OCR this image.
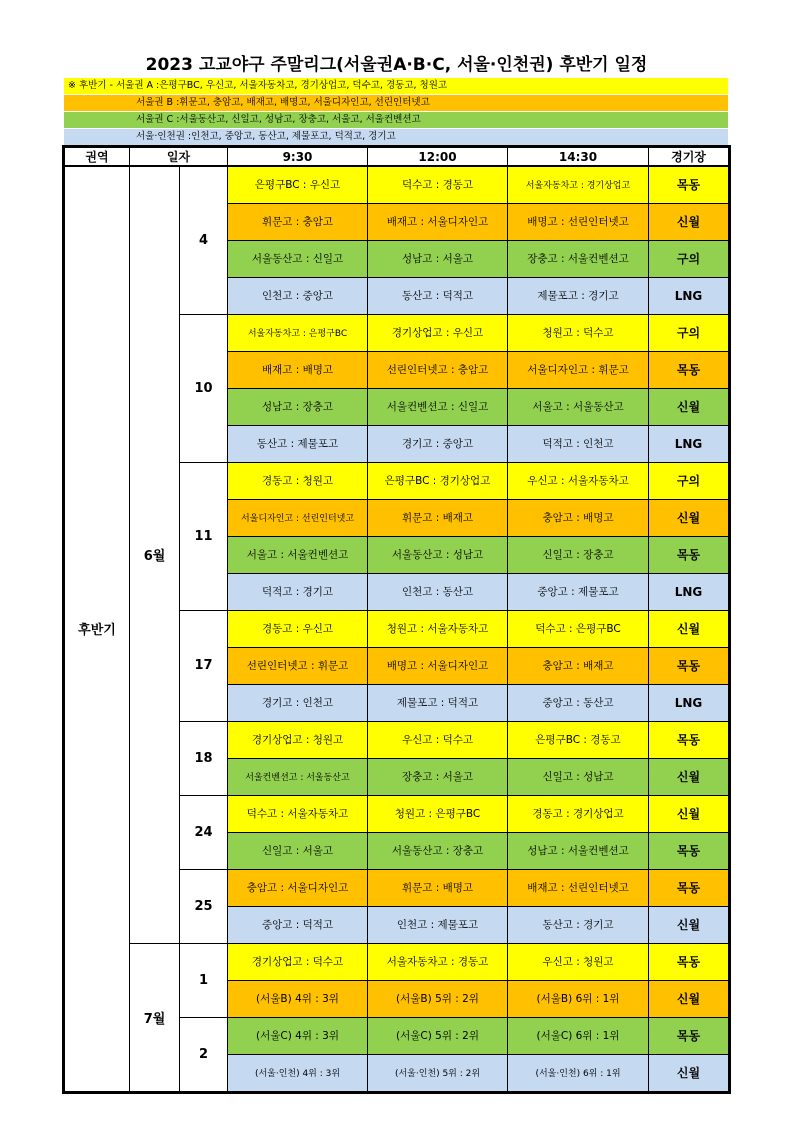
2023 고교야구 주말리그(서울권A·B·C, 서울·인천권) 후반기 일정
※ 후반기 - 서울권 A :은평구BC, 우신고, 서울자동차고, 경기상업고, 덕수고, 경동고, 청원고
서울권 B :휘문고, 충암고, 배재고, 배명고, 서울디자인고, 선린인터넷고
서울권 C :서울동산고, 신일고, 성남고, 장충고, 서울고, 서울컨벤션고
서울·인천권 :인천고, 중앙고, 동산고, 제물포고, 덕적고, 경기고
권역	일자		9:30	12:00	14:30	경기장
후반기	6월	4	은평구BC : 우신고	덕수고 : 경동고	서울자동차고 : 경기상업고	목동
			휘문고 : 충암고	배재고 : 서울디자인고	배명고 : 선린인터넷고	신월
			서울동산고 : 신일고	성남고 : 서울고	장충고 : 서울컨벤션고	구의
			인천고 : 중앙고	동산고 : 덕적고	제물포고 : 경기고	LNG
		10	서울자동차고 : 은평구BC	경기상업고 : 우신고	청원고 : 덕수고	구의
			배재고 : 배명고	선린인터넷고 : 충암고	서울디자인고 : 휘문고	목동
			성남고 : 장충고	서울컨벤션고 : 신일고	서울고 : 서울동산고	신월
			동산고 : 제물포고	경기고 : 중앙고	덕적고 : 인천고	LNG
		11	경동고 : 청원고	은평구BC : 경기상업고	우신고 : 서울자동차고	구의
			서울디자인고 : 선린인터넷고	휘문고 : 배재고	충암고 : 배명고	신월
			서울고 : 서울컨벤션고	서울동산고 : 성남고	신일고 : 장충고	목동
			덕적고 : 경기고	인천고 : 동산고	중앙고 : 제물포고	LNG
		17	경동고 : 우신고	청원고 : 서울자동차고	덕수고 : 은평구BC	신월
			선린인터넷고 : 휘문고	배명고 : 서울디자인고	충암고 : 배재고	목동
			경기고 : 인천고	제물포고 : 덕적고	중앙고 : 동산고	LNG
		18	경기상업고 : 청원고	우신고 : 덕수고	은평구BC : 경동고	목동
			서울컨벤션고 : 서울동산고	장충고 : 서울고	신일고 : 성남고	신월
		24	덕수고 : 서울자동차고	청원고 : 은평구BC	경동고 : 경기상업고	신월
			신일고 : 서울고	서울동산고 : 장충고	성남고 : 서울컨벤션고	목동
		25	충암고 : 서울디자인고	휘문고 : 배명고	배재고 : 선린인터넷고	목동
			중앙고 : 덕적고	인천고 : 제물포고	동산고 : 경기고	신월
	7월	1	경기상업고 : 덕수고	서울자동차고 : 경동고	우신고 : 청원고	목동
			(서울B) 4위 : 3위	(서울B) 5위 : 2위	(서울B) 6위 : 1위	신월
		2	(서울C) 4위 : 3위	(서울C) 5위 : 2위	(서울C) 6위 : 1위	목동
			(서울·인천) 4위 : 3위	(서울·인천) 5위 : 2위	(서울·인천) 6위 : 1위	신월
